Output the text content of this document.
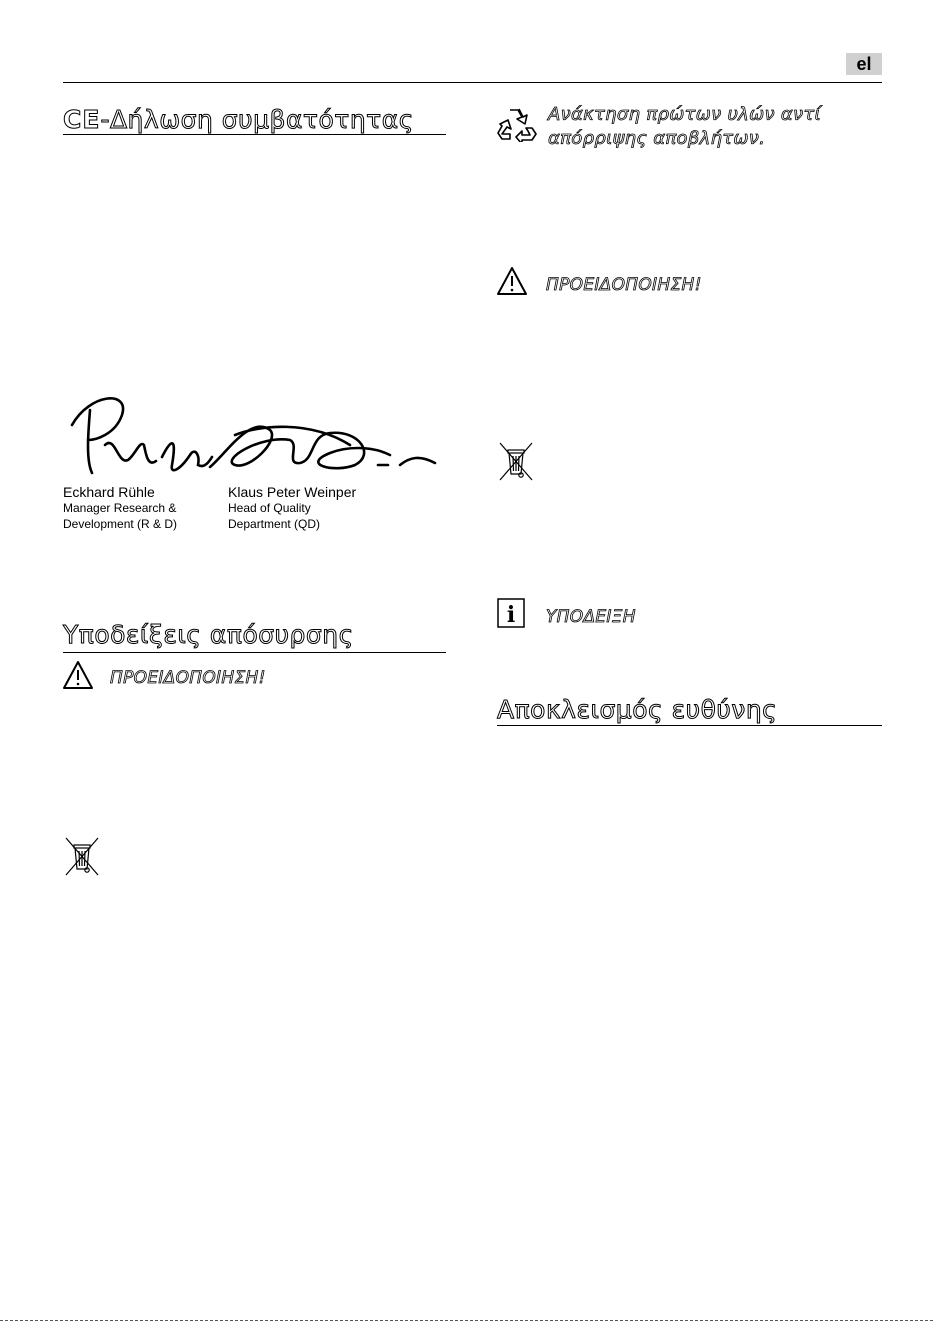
el
CE -Δήλωση συμβατότητας
Eckhard Rühle
Manager Research &
Development (R & D)
Klaus Peter Weinper
Head of Quality
Department (QD)
Υποδείξεις απόσυρσης
ΠΡΟΕΙΔΟΠΟΙΗΣΗ!
Ανάκτηση πρώτων υλών αντί
απόρριψης αποβλήτων.
ΠΡΟΕΙΔΟΠΟΙΗΣΗ!
i ΥΠΟΔΕΙΞΗ
Αποκλεισμός ευθύνης
